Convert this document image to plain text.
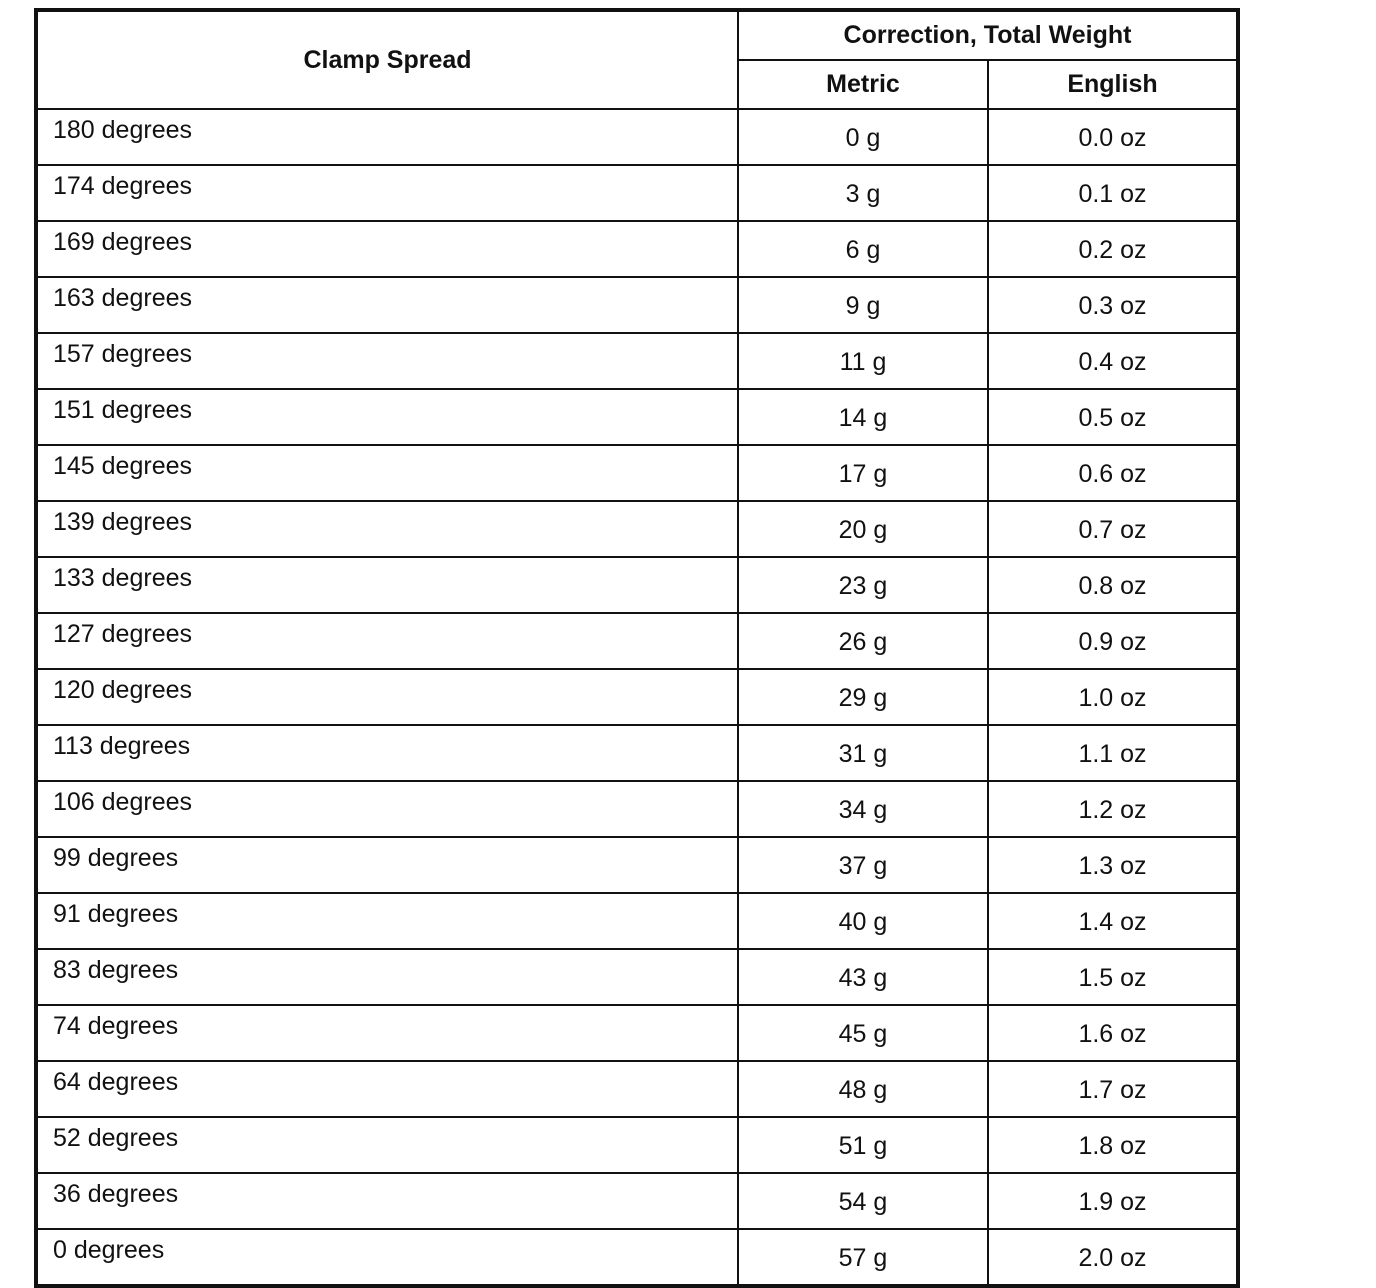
Clamp Spread	Correction, Total Weight	
	Metric	English
180 degrees	0 g	0.0 oz
174 degrees	3 g	0.1 oz
169 degrees	6 g	0.2 oz
163 degrees	9 g	0.3 oz
157 degrees	11 g	0.4 oz
151 degrees	14 g	0.5 oz
145 degrees	17 g	0.6 oz
139 degrees	20 g	0.7 oz
133 degrees	23 g	0.8 oz
127 degrees	26 g	0.9 oz
120 degrees	29 g	1.0 oz
113 degrees	31 g	1.1 oz
106 degrees	34 g	1.2 oz
99 degrees	37 g	1.3 oz
91 degrees	40 g	1.4 oz
83 degrees	43 g	1.5 oz
74 degrees	45 g	1.6 oz
64 degrees	48 g	1.7 oz
52 degrees	51 g	1.8 oz
36 degrees	54 g	1.9 oz
0 degrees	57 g	2.0 oz
